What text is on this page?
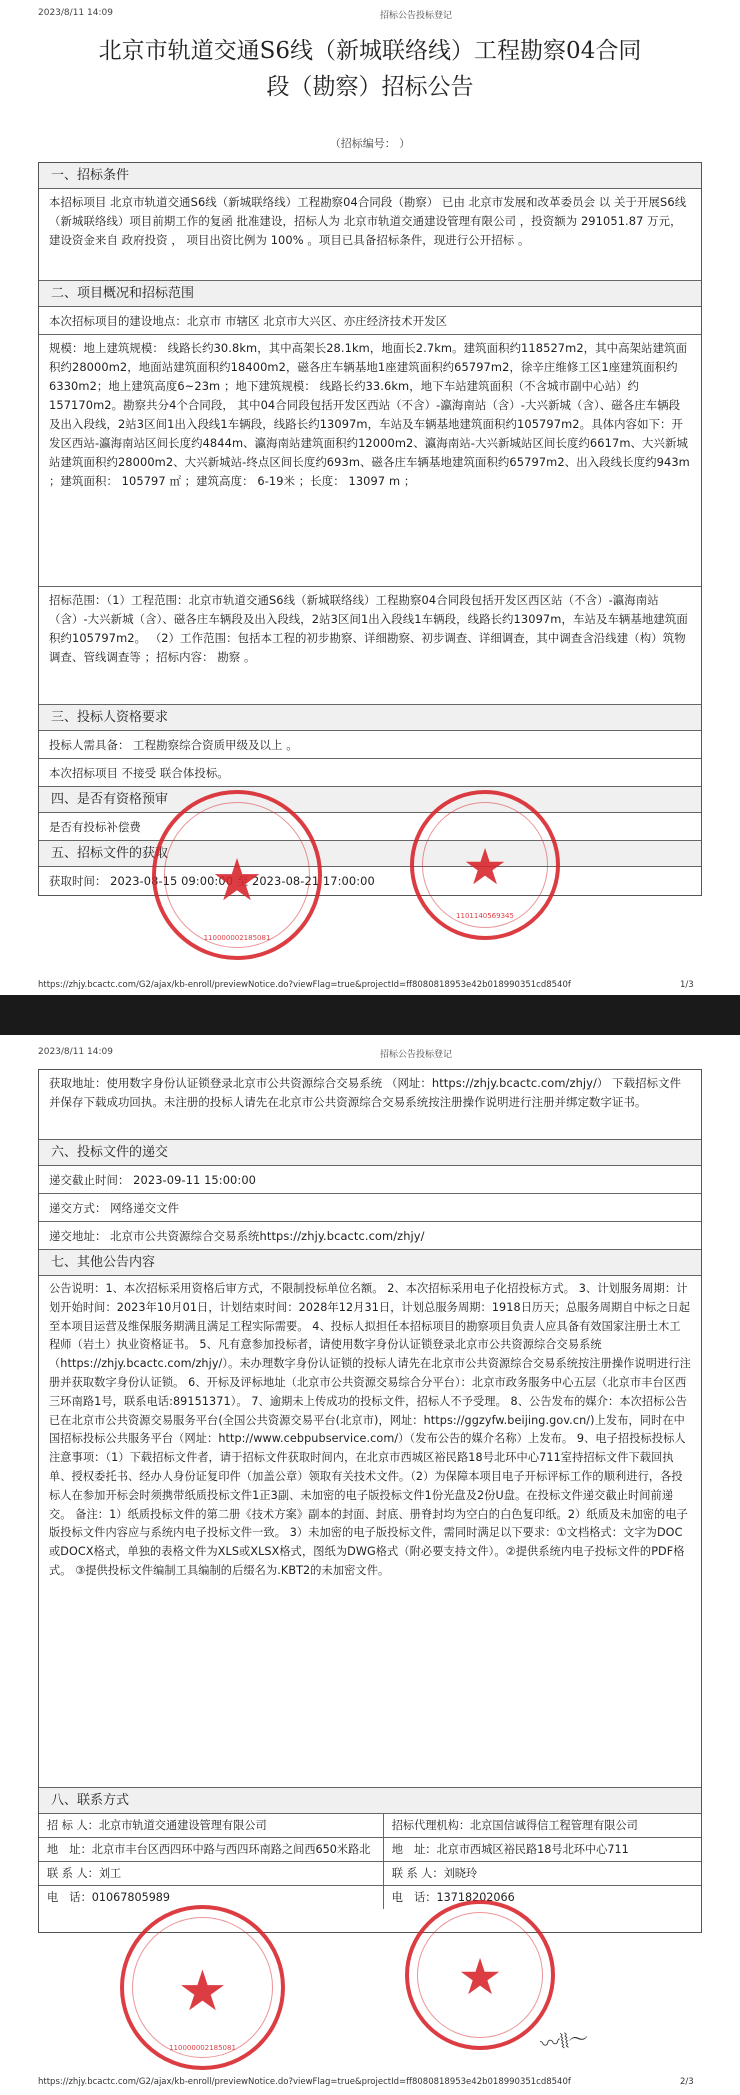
2023/8/11 14:09	招标公告投标登记
北京市轨道交通S6线（新城联络线）工程勘察04合同
段（勘察）招标公告
（招标编号： ）
一、招标条件
本招标项目 北京市轨道交通S6线（新城联络线）工程勘察04合同段（勘察） 已由 北京市发展和改革委员会 以 关于开展S6线（新城联络线）项目前期工作的复函 批准建设，招标人为 北京市轨道交通建设管理有限公司 ，投资额为 291051.87 万元，建设资金来自 政府投资 ， 项目出资比例为 100% 。项目已具备招标条件，现进行公开招标 。
二、项目概况和招标范围
本次招标项目的建设地点：北京市 市辖区 北京市大兴区、亦庄经济技术开发区
规模：地上建筑规模： 线路长约30.8km，其中高架长28.1km，地面长2.7km。建筑面积约118527m2，其中高架站建筑面积约28000m2，地面站建筑面积约18400m2，磁各庄车辆基地1座建筑面积约65797m2，徐辛庄维修工区1座建筑面积约6330m2；地上建筑高度6~23m ；地下建筑规模： 线路长约33.6km，地下车站建筑面积（不含城市副中心站）约157170m2。勘察共分4个合同段， 其中04合同段包括开发区西站（不含）-瀛海南站（含）-大兴新城（含）、磁各庄车辆段及出入段线，2站3区间1出入段线1车辆段，线路长约13097m，车站及车辆基地建筑面积约105797m2。具体内容如下：开发区西站-瀛海南站区间长度约4844m、瀛海南站建筑面积约12000m2、瀛海南站-大兴新城站区间长度约6617m、大兴新城站建筑面积约28000m2、大兴新城站-终点区间长度约693m、磁各庄车辆基地建筑面积约65797m2、出入段线长度约943m ；建筑面积： 105797 ㎡ ；建筑高度： 6-19米 ；长度： 13097 m ；
招标范围：（1）工程范围：北京市轨道交通S6线（新城联络线）工程勘察04合同段包括开发区西区站（不含）-瀛海南站（含）-大兴新城（含）、磁各庄车辆段及出入段线，2站3区间1出入段线1车辆段，线路长约13097m，车站及车辆基地建筑面积约105797m2。 （2）工作范围：包括本工程的初步勘察、详细勘察、初步调查、详细调查，其中调查含沿线建（构）筑物调查、管线调查等 ；招标内容： 勘察 。
三、投标人资格要求
投标人需具备： 工程勘察综合资质甲级及以上 。
本次招标项目 不接受 联合体投标。
四、是否有资格预审
是否有投标补偿费
五、招标文件的获取
获取时间： 2023-08-15 09:00:00 至 2023-08-21 17:00:00
★
110000002185081
★
1101140569345
https://zhjy.bcactc.com/G2/ajax/kb-enroll/previewNotice.do?viewFlag=true&projectId=ff8080818953e42b018990351cd8540f	1/3
2023/8/11 14:09	招标公告投标登记
获取地址：使用数字身份认证锁登录北京市公共资源综合交易系统 （网址：https://zhjy.bcactc.com/zhjy/） 下载招标文件并保存下载成功回执。未注册的投标人请先在北京市公共资源综合交易系统按注册操作说明进行注册并绑定数字证书。
六、投标文件的递交
递交截止时间： 2023-09-11 15:00:00
递交方式： 网络递交文件
递交地址： 北京市公共资源综合交易系统https://zhjy.bcactc.com/zhjy/
七、其他公告内容
公告说明：1、本次招标采用资格后审方式，不限制投标单位名额。 2、本次招标采用电子化招投标方式。 3、计划服务周期：计划开始时间：2023年10月01日，计划结束时间：2028年12月31日，计划总服务周期：1918日历天；总服务周期自中标之日起至本项目运营及维保服务期满且满足工程实际需要。 4、投标人拟担任本招标项目的勘察项目负责人应具备有效国家注册土木工程师（岩土）执业资格证书。 5、凡有意参加投标者，请使用数字身份认证锁登录北京市公共资源综合交易系统（https://zhjy.bcactc.com/zhjy/）。未办理数字身份认证锁的投标人请先在北京市公共资源综合交易系统按注册操作说明进行注册并获取数字身份认证锁。 6、开标及评标地址（北京市公共资源交易综合分平台）：北京市政务服务中心五层（北京市丰台区西三环南路1号，联系电话:89151371）。 7、逾期未上传成功的投标文件，招标人不予受理。 8、公告发布的媒介：本次招标公告已在北京市公共资源交易服务平台(全国公共资源交易平台(北京市)，网址：https://ggzyfw.beijing.gov.cn/)上发布，同时在中国招标投标公共服务平台（网址：http://www.cebpubservice.com/）（发布公告的媒介名称）上发布。 9、电子招投标投标人注意事项：（1）下载招标文件者，请于招标文件获取时间内，在北京市西城区裕民路18号北环中心711室持招标文件下载回执单、授权委托书、经办人身份证复印件（加盖公章）领取有关技术文件。（2）为保障本项目电子开标评标工作的顺利进行，各投标人在参加开标会时须携带纸质投标文件1正3副、未加密的电子版投标文件1份光盘及2份U盘。在投标文件递交截止时间前递交。 备注：1）纸质投标文件的第二册《技术方案》副本的封面、封底、册脊封均为空白的白色复印纸。2）纸质及未加密的电子版投标文件内容应与系统内电子投标文件一致。 3）未加密的电子版投标文件，需同时满足以下要求：①文档格式：文字为DOC或DOCX格式，单独的表格文件为XLS或XLSX格式，图纸为DWG格式（附必要支持文件）。②提供系统内电子投标文件的PDF格式。 ③提供投标文件编制工具编制的后缀名为.KBT2的未加密文件。
八、联系方式
招 标 人：北京市轨道交通建设管理有限公司	招标代理机构：北京国信诚得信工程管理有限公司
地　址：北京市丰台区西四环中路与西四环南路之间西650米路北	地　址：北京市西城区裕民路18号北环中心711
联 系 人：刘工	联 系 人：刘晓玲
电　话：01067805989	电　话：13718202066
★
110000002185081
★
〰⦚⦚〜
https://zhjy.bcactc.com/G2/ajax/kb-enroll/previewNotice.do?viewFlag=true&projectId=ff8080818953e42b018990351cd8540f	2/3
